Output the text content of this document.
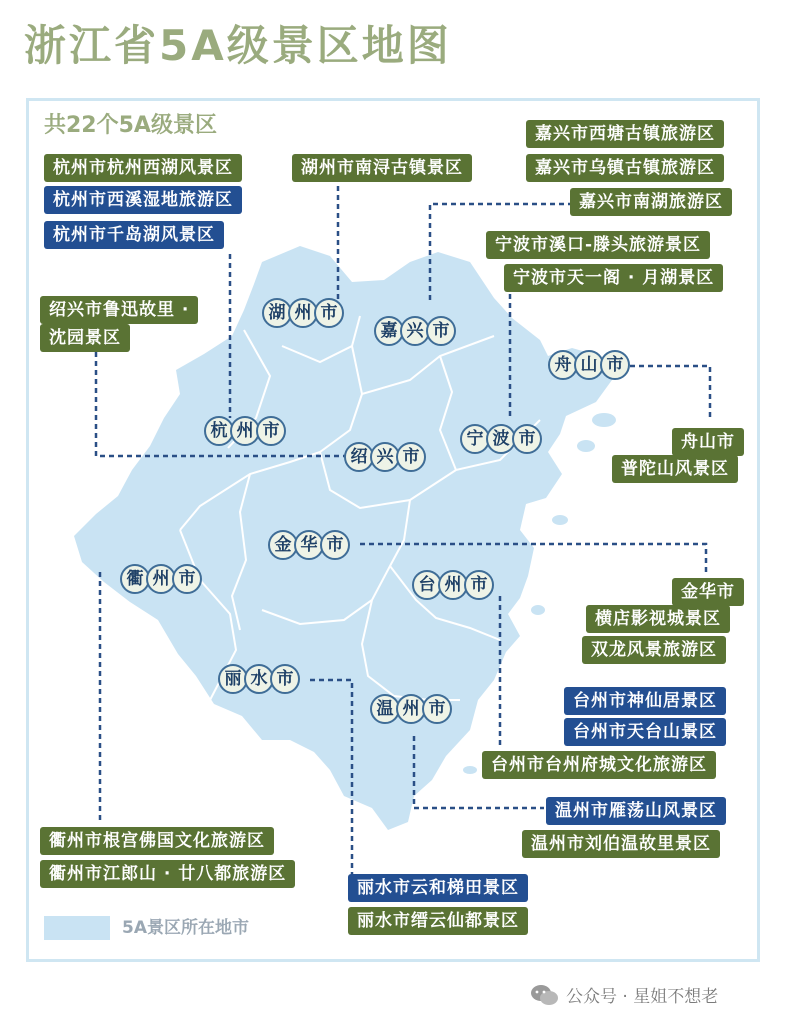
浙江省5A级景区地图
共22个5A级景区
湖 州 市
嘉 兴 市
舟 山 市
杭 州 市	宁 波 市
绍 兴 市
金 华 市
衢 州 市	台 州 市
丽 水 市
温 州 市
杭州市杭州西湖风景区
杭州市西溪湿地旅游区
杭州市千岛湖风景区
湖州市南浔古镇景区
嘉兴市西塘古镇旅游区
嘉兴市乌镇古镇旅游区
嘉兴市南湖旅游区
宁波市溪口-滕头旅游景区
宁波市天一阁 · 月湖景区
绍兴市鲁迅故里 ·
沈园景区
舟山市
普陀山风景区
金华市
横店影视城景区
双龙风景旅游区
台州市神仙居景区
台州市天台山景区
台州市台州府城文化旅游区
温州市雁荡山风景区
温州市刘伯温故里景区
衢州市根宫佛国文化旅游区
衢州市江郎山 · 廿八都旅游区
丽水市云和梯田景区
丽水市缙云仙都景区
5A景区所在地市
公众号 · 星姐不想老
